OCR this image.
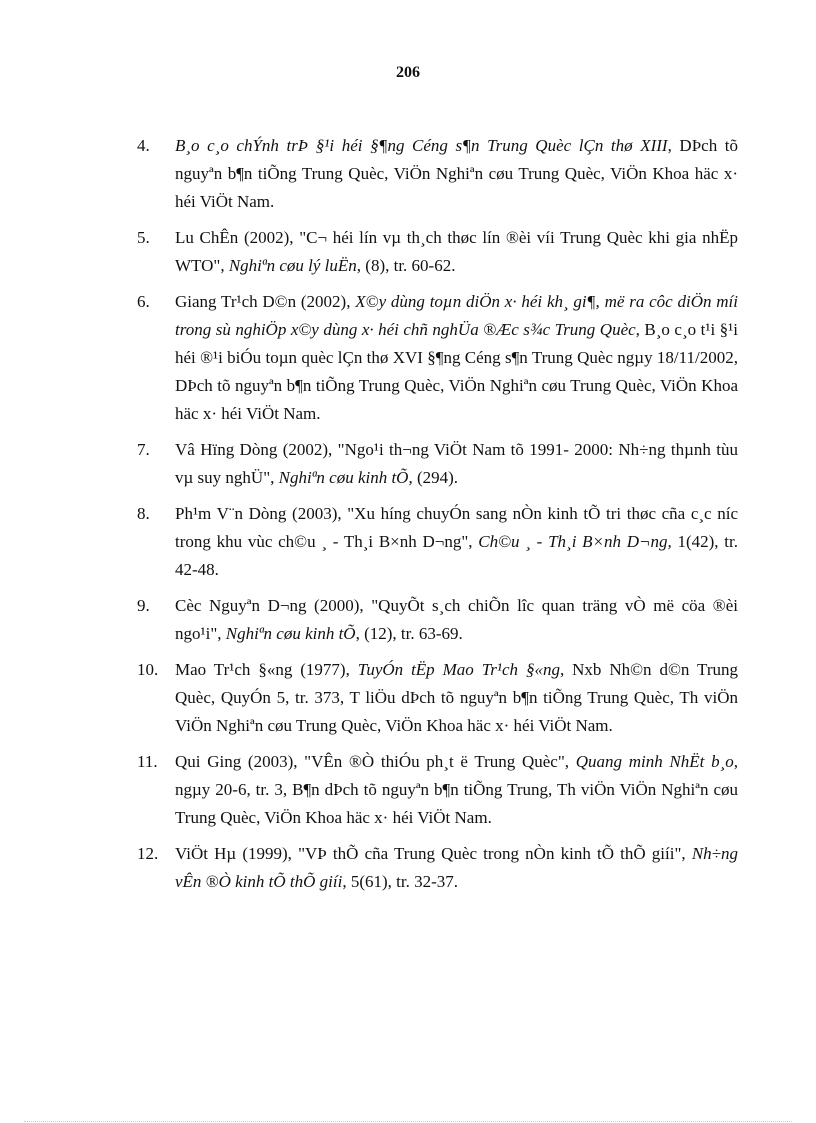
206
4. B¸o c¸o chÝnh trÞ §¹i héi §¶ng Céng s¶n Trung Quèc lÇn thø XIII, DÞch tõ nguyªn b¶n tiÕng Trung Quèc, ViÖn Nghiªn cøu Trung Quèc, ViÖn Khoa häc x· héi ViÖt Nam.
5. Lu ChÊn (2002), "C¬ héi lín vµ th¸ch thøc lín ®èi víi Trung Quèc khi gia nhËp WTO", Nghiªn cøu lý luËn, (8), tr. 60-62.
6. Giang Tr¹ch D©n (2002), X©y dùng toµn diÖn x· héi kh¸ gi¶, më ra côc diÖn míi trong sù nghiÖp x©y dùng x· héi chñ nghÜa ®Æc s¾c Trung Quèc, B¸o c¸o t¹i §¹i héi ®¹i biÓu toµn quèc lÇn thø XVI §¶ng Céng s¶n Trung Quèc ngµy 18/11/2002, DÞch tõ nguyªn b¶n tiÕng Trung Quèc, ViÖn Nghiªn cøu Trung Quèc, ViÖn Khoa häc x· héi ViÖt Nam.
7. Vâ Hïng Dòng (2002), "Ngo¹i th¬ng ViÖt Nam tõ 1991- 2000: Nh÷ng thµnh tùu vµ suy nghÜ", Nghiªn cøu kinh tÕ, (294).
8. Ph¹m V¨n Dòng (2003), "Xu híng chuyÓn sang nÒn kinh tÕ tri thøc cña c¸c níc trong khu vùc ch©u ¸ - Th¸i B×nh D¬ng", Ch©u ¸ - Th¸i B×nh D¬ng, 1(42), tr. 42-48.
9. Cèc Nguyªn D¬ng (2000), "QuyÕt s¸ch chiÕn lîc quan träng vÒ më cöa ®èi ngo¹i", Nghiªn cøu kinh tÕ, (12), tr. 63-69.
10. Mao Tr¹ch §«ng (1977), TuyÓn tËp Mao Tr¹ch §«ng, Nxb Nh©n d©n Trung Quèc, QuyÓn 5, tr. 373, T liÖu dÞch tõ nguyªn b¶n tiÕng Trung Quèc, Th viÖn ViÖn Nghiªn cøu Trung Quèc, ViÖn Khoa häc x· héi ViÖt Nam.
11. Qui Ging (2003), "VÊn ®Ò thiÓu ph¸t ë Trung Quèc", Quang minh NhËt b¸o, ngµy 20-6, tr. 3, B¶n dÞch tõ nguyªn b¶n tiÕng Trung, Th viÖn ViÖn Nghiªn cøu Trung Quèc, ViÖn Khoa häc x· héi ViÖt Nam.
12. ViÖt Hµ (1999), "VÞ thÕ cña Trung Quèc trong nÒn kinh tÕ thÕ giíi", Nh÷ng vÊn ®Ò kinh tÕ thÕ giíi, 5(61), tr. 32-37.
